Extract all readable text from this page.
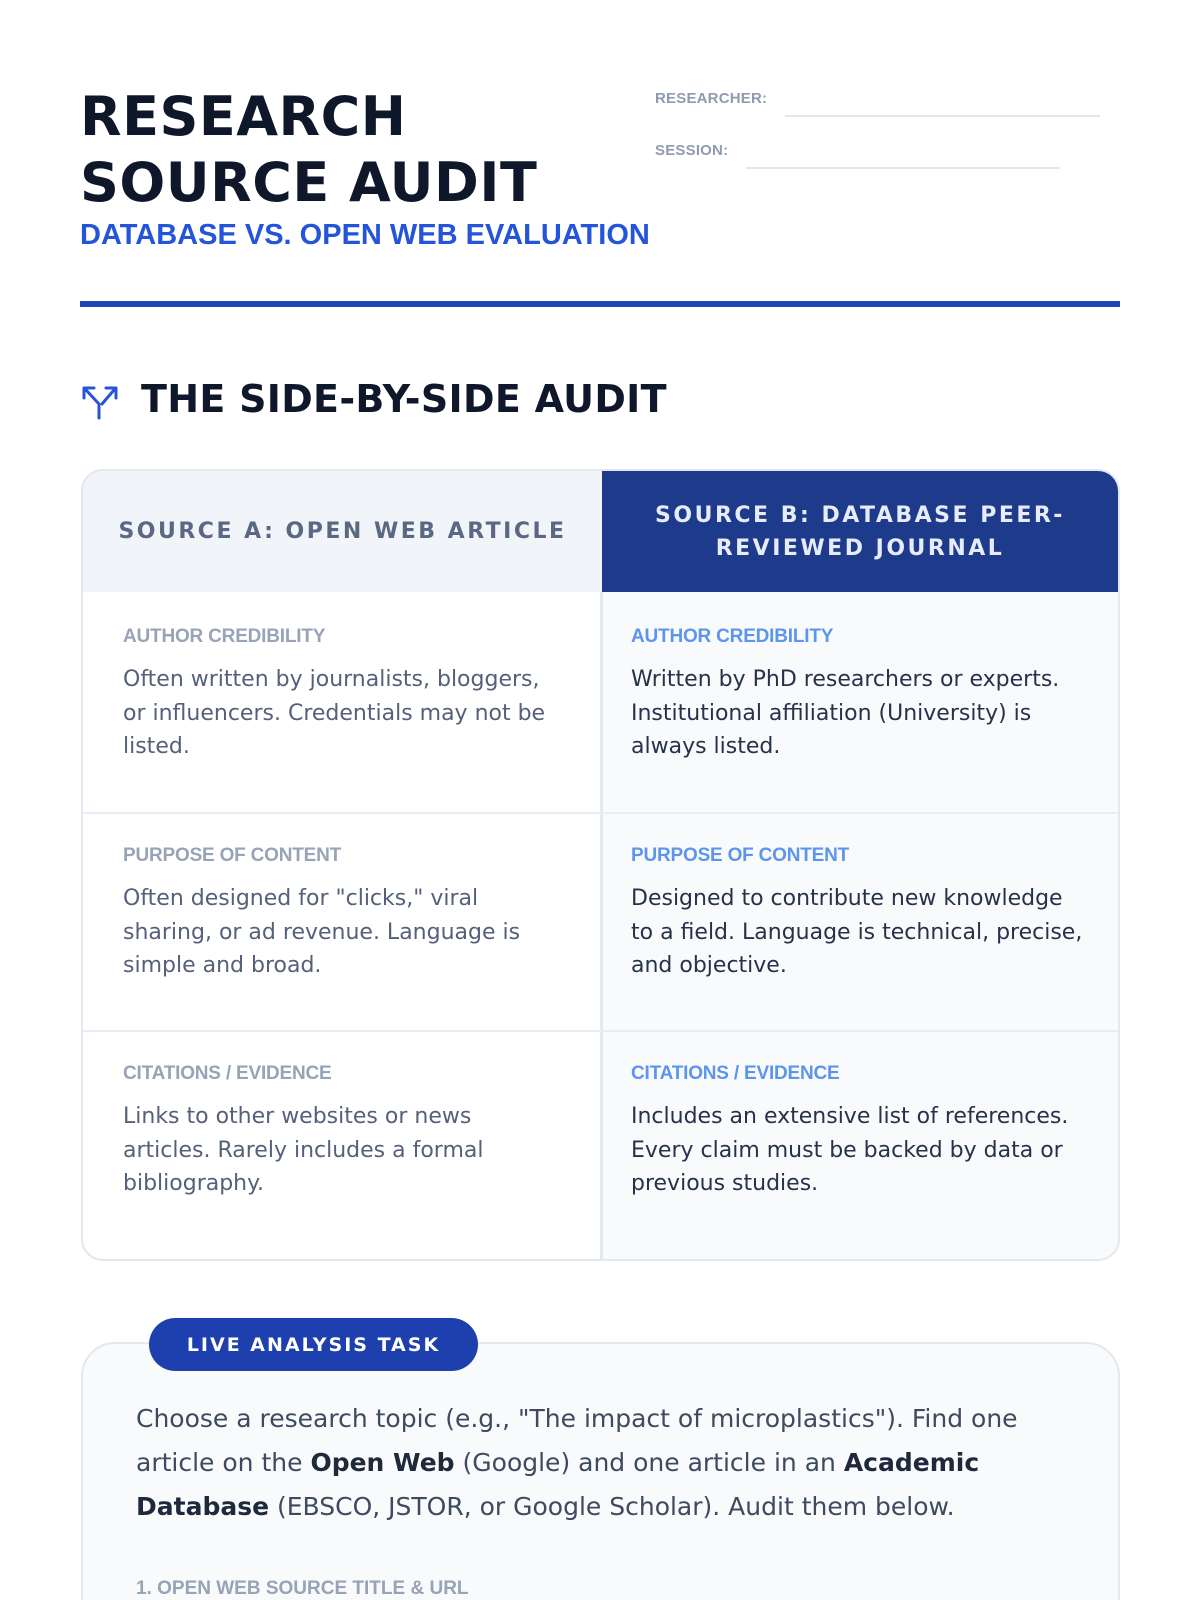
RESEARCH
SOURCE AUDIT
DATABASE VS. OPEN WEB EVALUATION
RESEARCHER:
SESSION:
THE SIDE-BY-SIDE AUDIT
SOURCE A: OPEN WEB ARTICLE
SOURCE B: DATABASE PEER-REVIEWED JOURNAL
AUTHOR CREDIBILITY
Often written by journalists, bloggers, or influencers. Credentials may not be listed.
AUTHOR CREDIBILITY
Written by PhD researchers or experts. Institutional affiliation (University) is always listed.
PURPOSE OF CONTENT
Often designed for "clicks," viral sharing, or ad revenue. Language is simple and broad.
PURPOSE OF CONTENT
Designed to contribute new knowledge to a field. Language is technical, precise, and objective.
CITATIONS / EVIDENCE
Links to other websites or news articles. Rarely includes a formal bibliography.
CITATIONS / EVIDENCE
Includes an extensive list of references. Every claim must be backed by data or previous studies.
LIVE ANALYSIS TASK

Choose a research topic (e.g., "The impact of microplastics"). Find one article on the Open Web (Google) and one article in an Academic Database (EBSCO, JSTOR, or Google Scholar). Audit them below.

1. OPEN WEB SOURCE TITLE & URL
